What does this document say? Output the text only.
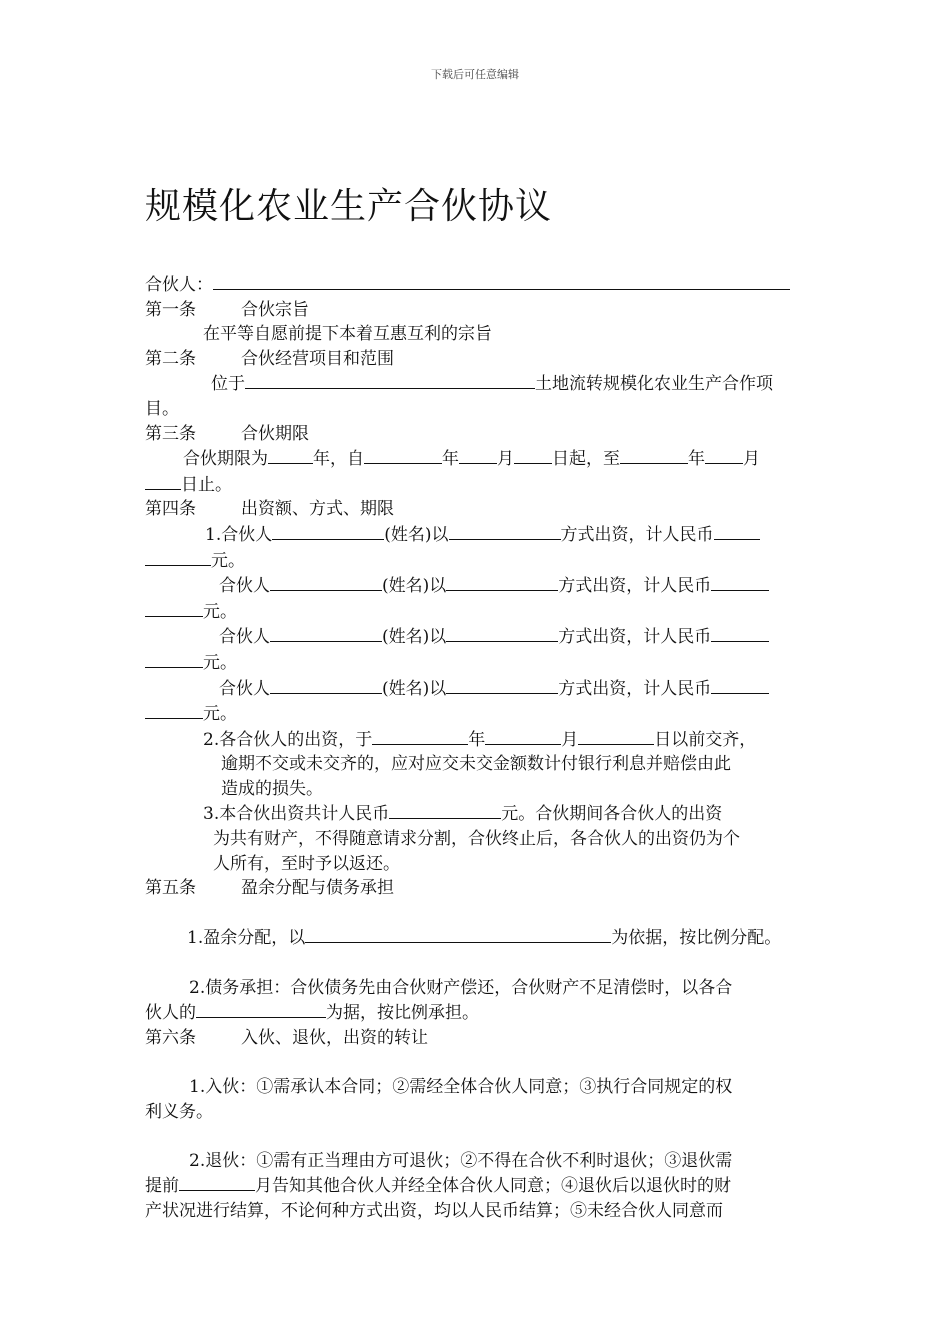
下载后可任意编辑
规模化农业生产合伙协议
合伙人：
第一条	合伙宗旨
在平等自愿前提下本着互惠互利的宗旨
第二条	合伙经营项目和范围
位于	土地流转规模化农业生产合作项
目。
第三条	合伙期限
合伙期限为	年，自	年 月 日起，至	年 月
日止。
第四条	出资额、方式、期限
1.合伙人	(姓名)以	方式出资，计人民币
元。
合伙人	(姓名)以	方式出资，计人民币
元。
合伙人	(姓名)以	方式出资，计人民币
元。
合伙人	(姓名)以	方式出资，计人民币
元。
2.各合伙人的出资，于	年	月	日以前交齐，
逾期不交或未交齐的，应对应交未交金额数计付银行利息并赔偿由此
造成的损失。
3.本合伙出资共计人民币	元。合伙期间各合伙人的出资
为共有财产，不得随意请求分割，合伙终止后，各合伙人的出资仍为个
人所有，至时予以返还。
第五条	盈余分配与债务承担
1.盈余分配，以	为依据，按比例分配。
2.债务承担：合伙债务先由合伙财产偿还，合伙财产不足清偿时，以各合
伙人的	为据，按比例承担。
第六条	入伙、退伙，出资的转让
1.入伙：①需承认本合同；②需经全体合伙人同意；③执行合同规定的权
利义务。
2.退伙：①需有正当理由方可退伙；②不得在合伙不利时退伙；③退伙需
提前	月告知其他合伙人并经全体合伙人同意；④退伙后以退伙时的财
产状况进行结算，不论何种方式出资，均以人民币结算；⑤未经合伙人同意而
